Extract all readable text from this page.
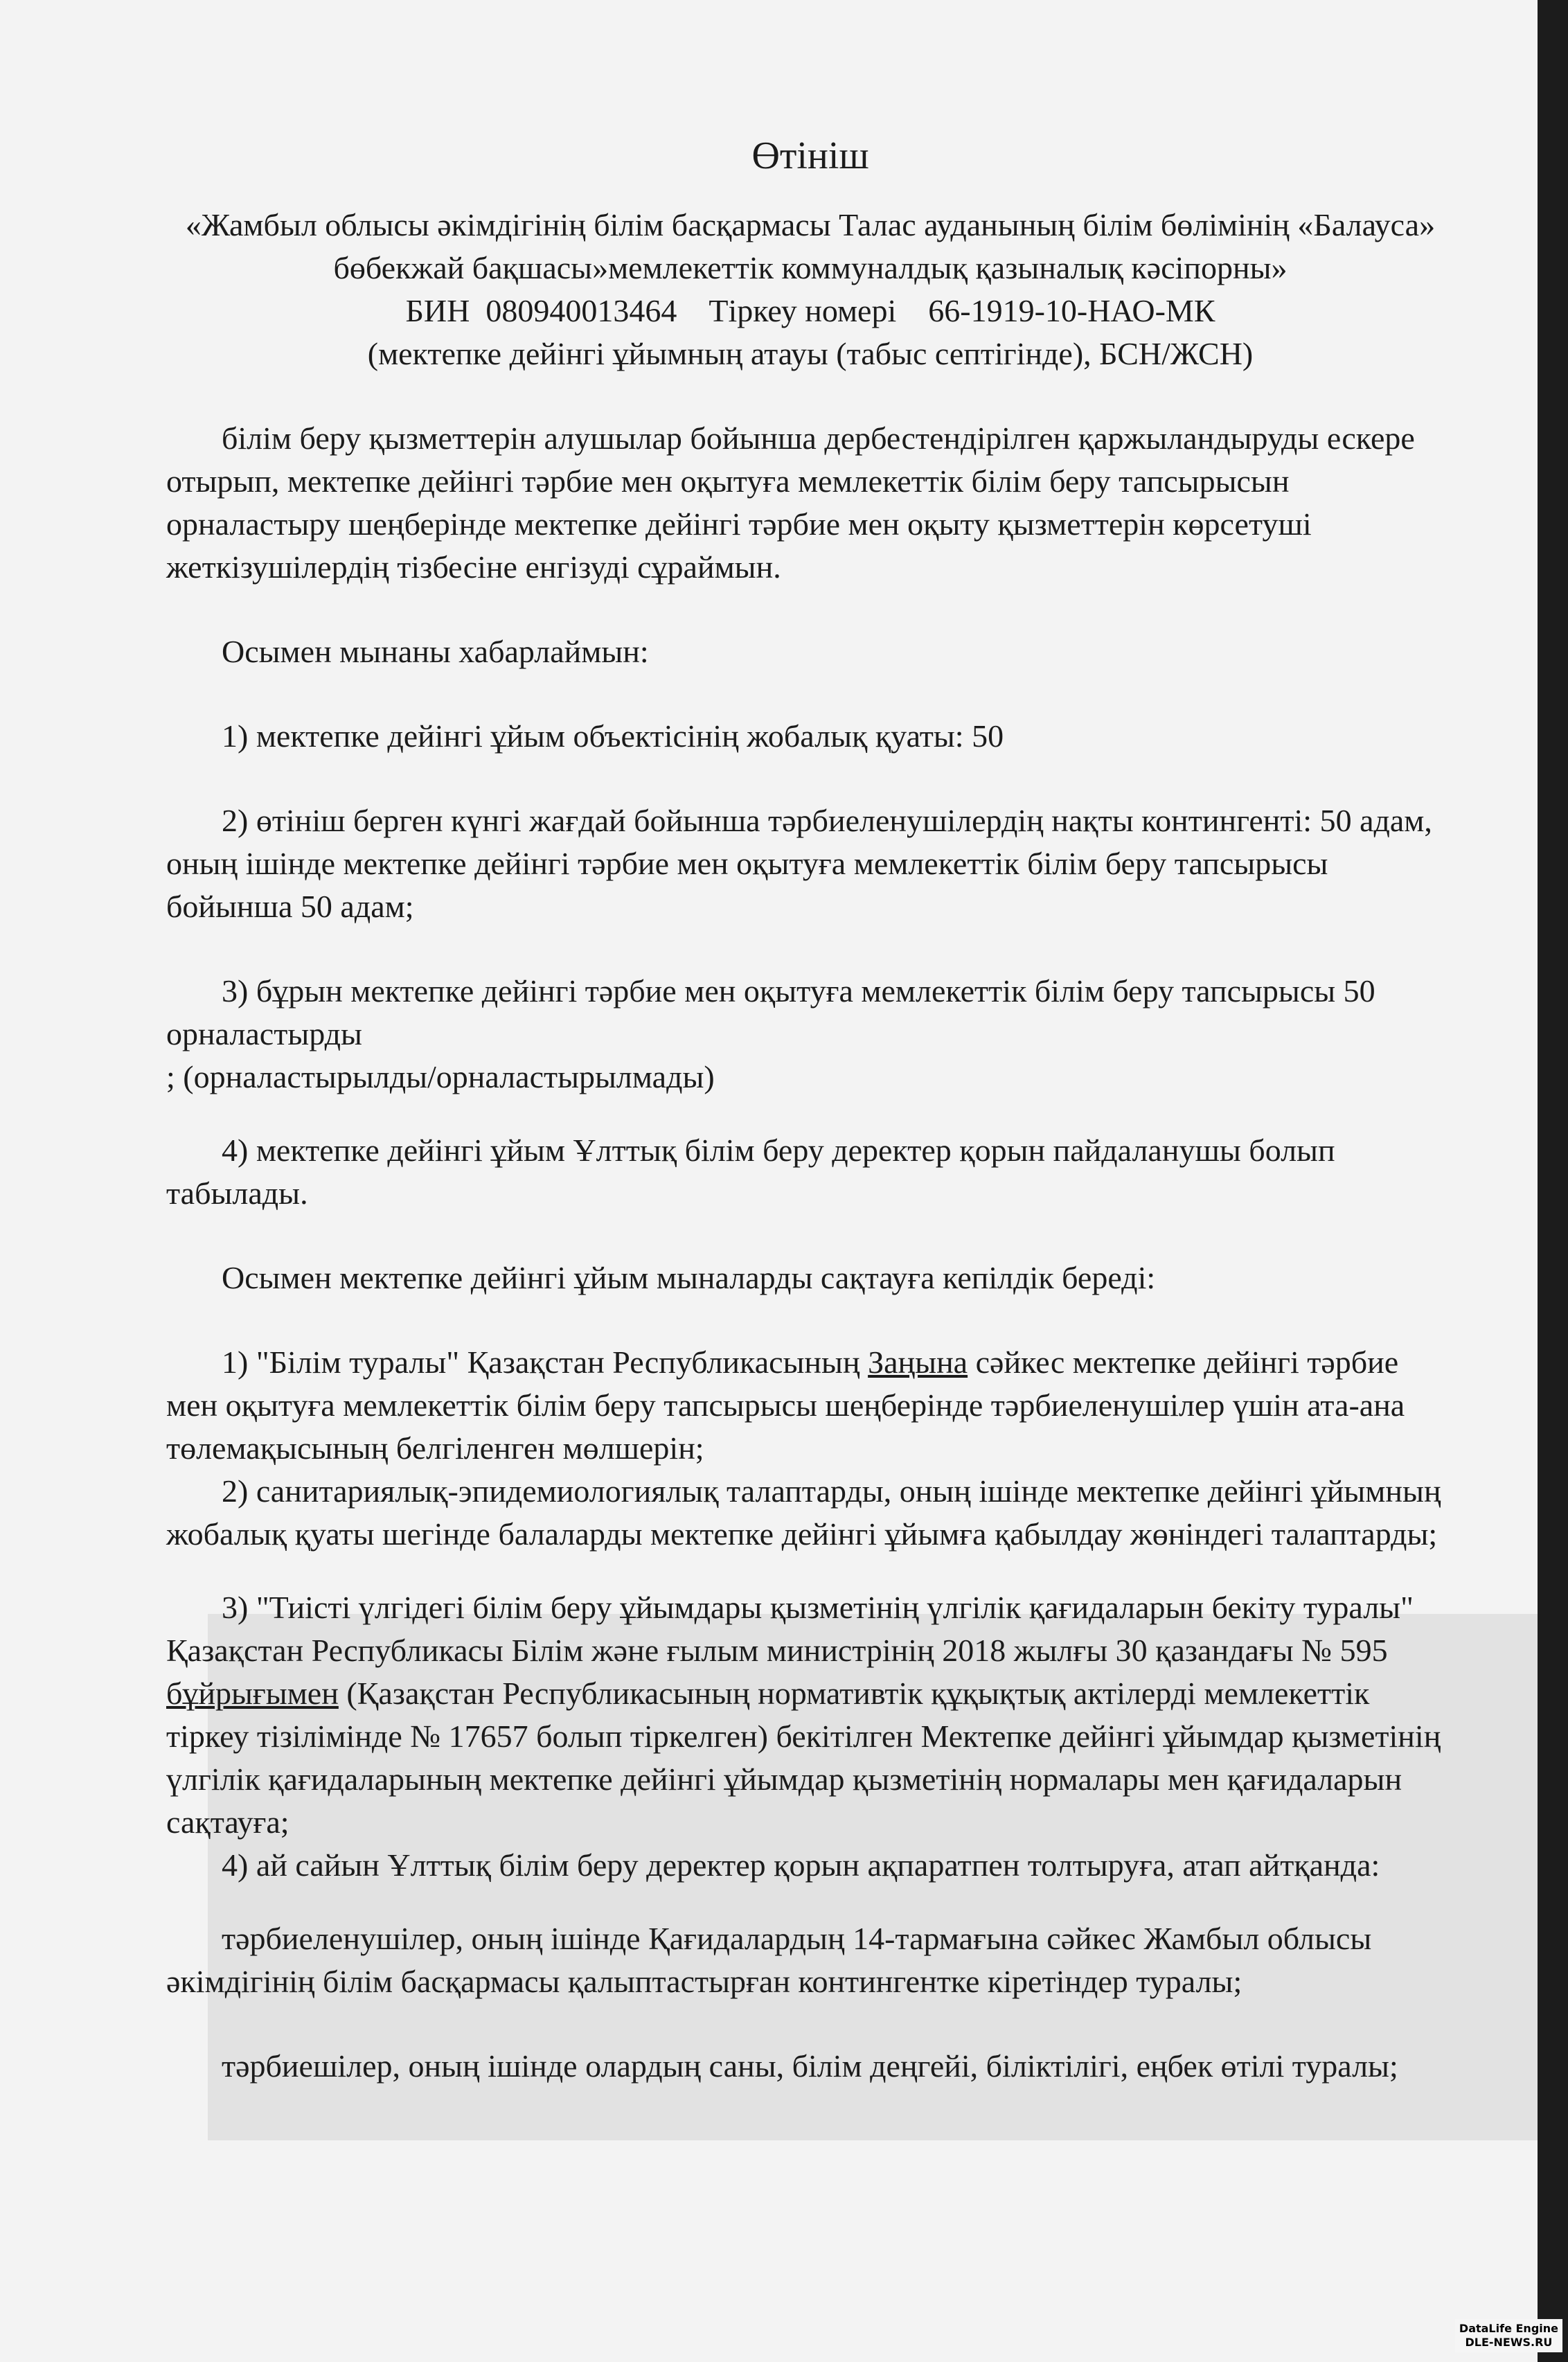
Өтініш
«Жамбыл облысы әкімдігінің білім басқармасы Талас ауданының білім бөлімінің «Балауса»
бөбекжай бақшасы»мемлекеттік коммуналдық қазыналық кәсіпорны»
БИН  080940013464    Тіркеу номері    66-1919-10-НАО-МК
(мектепке дейінгі ұйымның атауы (табыс септігінде), БСН/ЖСН)

білім беру қызметтерін алушылар бойынша дербестендірілген қаржыландыруды ескере отырып, мектепке дейінгі тәрбие мен оқытуға мемлекеттік білім беру тапсырысын орналастыру шеңберінде мектепке дейінгі тәрбие мен оқыту қызметтерін көрсетуші жеткізушілердің тізбесіне енгізуді сұраймын.

Осымен мынаны хабарлаймын:

1) мектепке дейінгі ұйым объектісінің жобалық қуаты: 50

2) өтініш берген күнгі жағдай бойынша тәрбиеленушілердің нақты контингенті: 50 адам, оның ішінде мектепке дейінгі тәрбие мен оқытуға мемлекеттік білім беру тапсырысы бойынша 50 адам;

3) бұрын мектепке дейінгі тәрбие мен оқытуға мемлекеттік білім беру тапсырысы 50

орналастырды

; (орналастырылды/орналастырылмады)

4) мектепке дейінгі ұйым Ұлттық білім беру деректер қорын пайдаланушы болып табылады.

Осымен мектепке дейінгі ұйым мыналарды сақтауға кепілдік береді:

1) "Білім туралы" Қазақстан Республикасының Заңына сәйкес мектепке дейінгі тәрбие мен оқытуға мемлекеттік білім беру тапсырысы шеңберінде тәрбиеленушілер үшін ата-ана төлемақысының белгіленген мөлшерін;

2) санитариялық-эпидемиологиялық талаптарды, оның ішінде мектепке дейінгі ұйымның жобалық қуаты шегінде балаларды мектепке дейінгі ұйымға қабылдау жөніндегі талаптарды;

3) "Тиісті үлгідегі білім беру ұйымдары қызметінің үлгілік қағидаларын бекіту туралы" Қазақстан Республикасы Білім және ғылым министрінің 2018 жылғы 30 қазандағы № 595 бұйрығымен (Қазақстан Республикасының нормативтік құқықтық актілерді мемлекеттік тіркеу тізілімінде № 17657 болып тіркелген) бекітілген Мектепке дейінгі ұйымдар қызметінің үлгілік қағидаларының мектепке дейінгі ұйымдар қызметінің нормалары мен қағидаларын сақтауға;

4) ай сайын Ұлттық білім беру деректер қорын ақпаратпен толтыруға, атап айтқанда:

тәрбиеленушілер, оның ішінде Қағидалардың 14-тармағына сәйкес Жамбыл облысы әкімдігінің білім басқармасы қалыптастырған контингентке кіретіндер туралы;

тәрбиешілер, оның ішінде олардың саны, білім деңгейі, біліктілігі, еңбек өтілі туралы;

DataLife Engine
DLE-NEWS.RU
